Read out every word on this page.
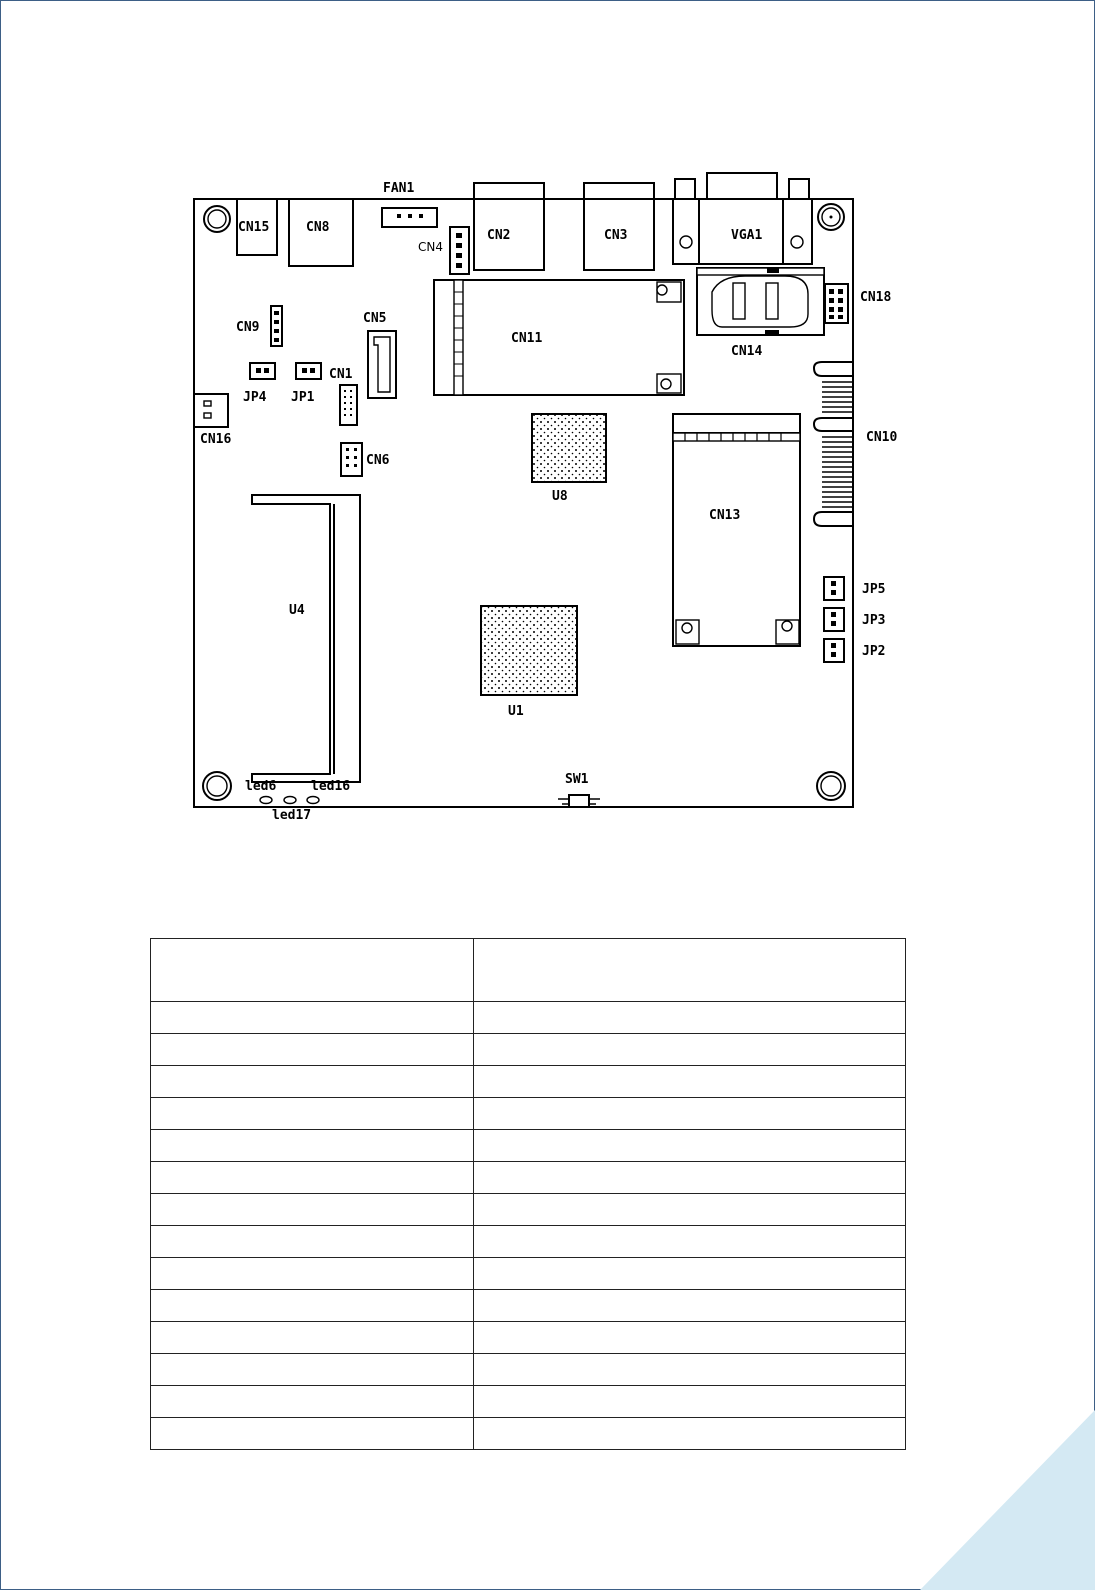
CN15	CN8
FAN1
CN4
CN2	CN3	VGA1
CN11
CN14
CN18
CN9
CN5
JP4 JP1
CN1
CN16
CN6
U8
CN10
CN13
U4
JP5
JP3
JP2
U1
SW1
led6	led16
led17
